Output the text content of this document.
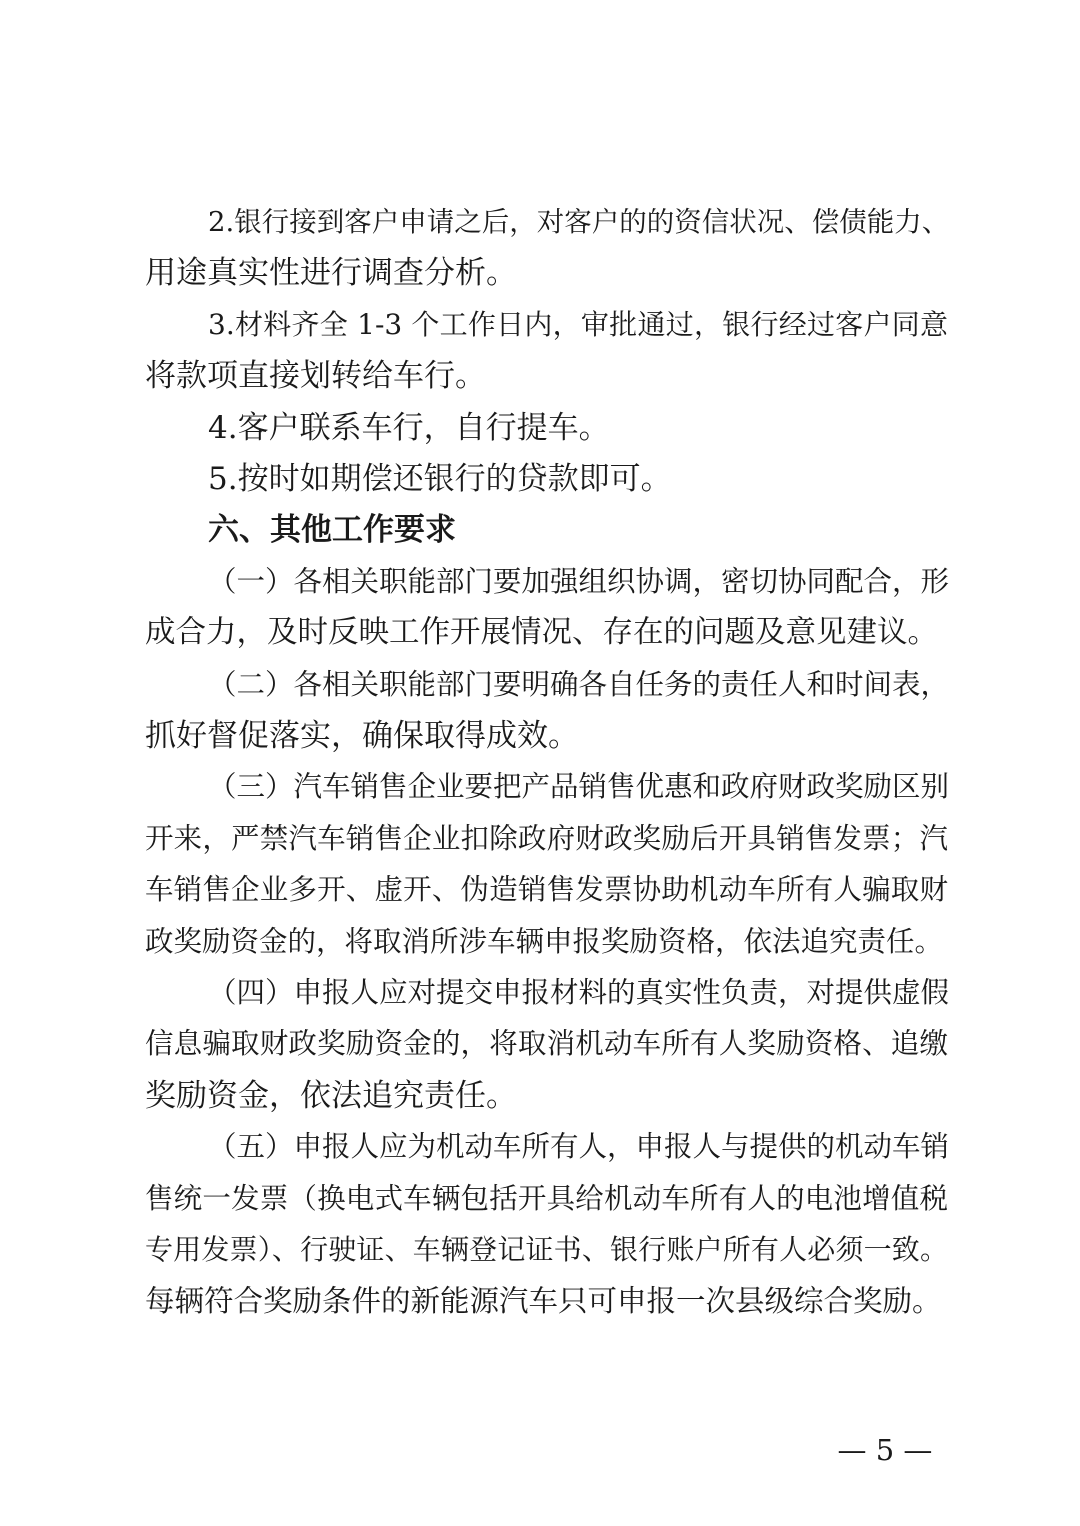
2.银行接到客户申请之后，对客户的的资信状况、偿债能力、
用途真实性进行调查分析。
3.材料齐全 1-3 个工作日内，审批通过，银行经过客户同意
将款项直接划转给车行。
4.客户联系车行，自行提车。
5.按时如期偿还银行的贷款即可。
六、其他工作要求
（一）各相关职能部门要加强组织协调，密切协同配合，形
成合力，及时反映工作开展情况、存在的问题及意见建议。
（二）各相关职能部门要明确各自任务的责任人和时间表，
抓好督促落实，确保取得成效。
（三）汽车销售企业要把产品销售优惠和政府财政奖励区别
开来，严禁汽车销售企业扣除政府财政奖励后开具销售发票；汽
车销售企业多开、虚开、伪造销售发票协助机动车所有人骗取财
政奖励资金的，将取消所涉车辆申报奖励资格，依法追究责任。
（四）申报人应对提交申报材料的真实性负责，对提供虚假
信息骗取财政奖励资金的，将取消机动车所有人奖励资格、追缴
奖励资金，依法追究责任。
（五）申报人应为机动车所有人，申报人与提供的机动车销
售统一发票（换电式车辆包括开具给机动车所有人的电池增值税
专用发票）、行驶证、车辆登记证书、银行账户所有人必须一致。
每辆符合奖励条件的新能源汽车只可申报一次县级综合奖励。
— 5 —
